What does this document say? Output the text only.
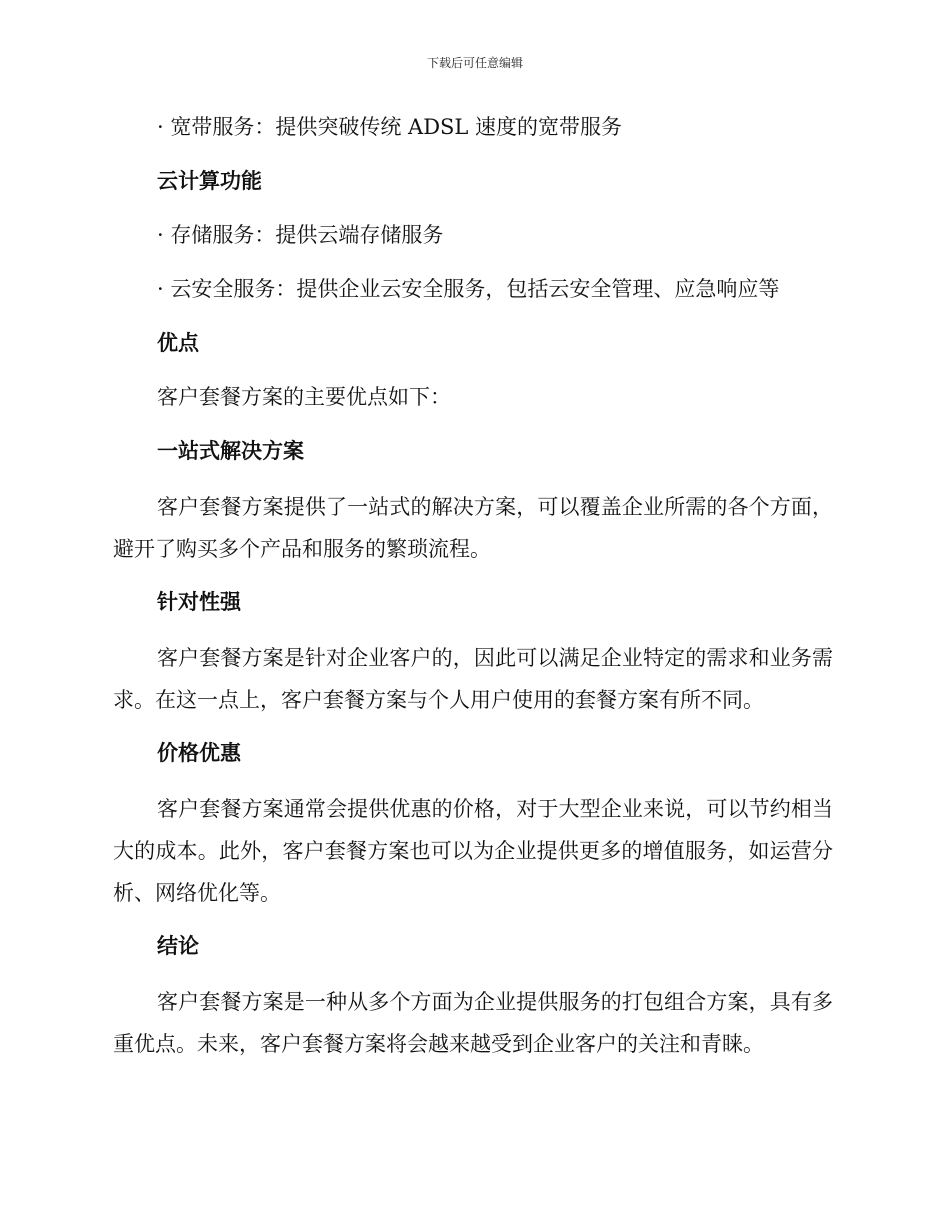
下载后可任意编辑

· 宽带服务：提供突破传统 ADSL 速度的宽带服务

云计算功能

· 存储服务：提供云端存储服务

· 云安全服务：提供企业云安全服务，包括云安全管理、应急响应等

优点

客户套餐方案的主要优点如下：

一站式解决方案

客户套餐方案提供了一站式的解决方案，可以覆盖企业所需的各个方面，避开了购买多个产品和服务的繁琐流程。

针对性强

客户套餐方案是针对企业客户的，因此可以满足企业特定的需求和业务需求。在这一点上，客户套餐方案与个人用户使用的套餐方案有所不同。

价格优惠

客户套餐方案通常会提供优惠的价格，对于大型企业来说，可以节约相当大的成本。此外，客户套餐方案也可以为企业提供更多的增值服务，如运营分析、网络优化等。

结论

客户套餐方案是一种从多个方面为企业提供服务的打包组合方案，具有多重优点。未来，客户套餐方案将会越来越受到企业客户的关注和青睐。
